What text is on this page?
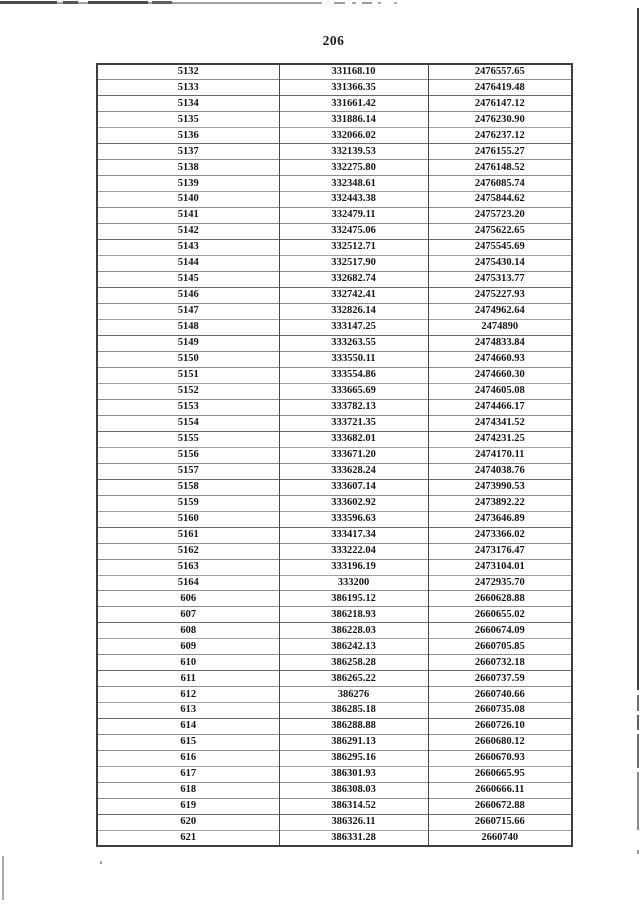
206
5132	331168.10	2476557.65
5133	331366.35	2476419.48
5134	331661.42	2476147.12
5135	331886.14	2476230.90
5136	332066.02	2476237.12
5137	332139.53	2476155.27
5138	332275.80	2476148.52
5139	332348.61	2476085.74
5140	332443.38	2475844.62
5141	332479.11	2475723.20
5142	332475.06	2475622.65
5143	332512.71	2475545.69
5144	332517.90	2475430.14
5145	332682.74	2475313.77
5146	332742.41	2475227.93
5147	332826.14	2474962.64
5148	333147.25	2474890
5149	333263.55	2474833.84
5150	333550.11	2474660.93
5151	333554.86	2474660.30
5152	333665.69	2474605.08
5153	333782.13	2474466.17
5154	333721.35	2474341.52
5155	333682.01	2474231.25
5156	333671.20	2474170.11
5157	333628.24	2474038.76
5158	333607.14	2473990.53
5159	333602.92	2473892.22
5160	333596.63	2473646.89
5161	333417.34	2473366.02
5162	333222.04	2473176.47
5163	333196.19	2473104.01
5164	333200	2472935.70
606	386195.12	2660628.88
607	386218.93	2660655.02
608	386228.03	2660674.09
609	386242.13	2660705.85
610	386258.28	2660732.18
611	386265.22	2660737.59
612	386276	2660740.66
613	386285.18	2660735.08
614	386288.88	2660726.10
615	386291.13	2660680.12
616	386295.16	2660670.93
617	386301.93	2660665.95
618	386308.03	2660666.11
619	386314.52	2660672.88
620	386326.11	2660715.66
621	386331.28	2660740
